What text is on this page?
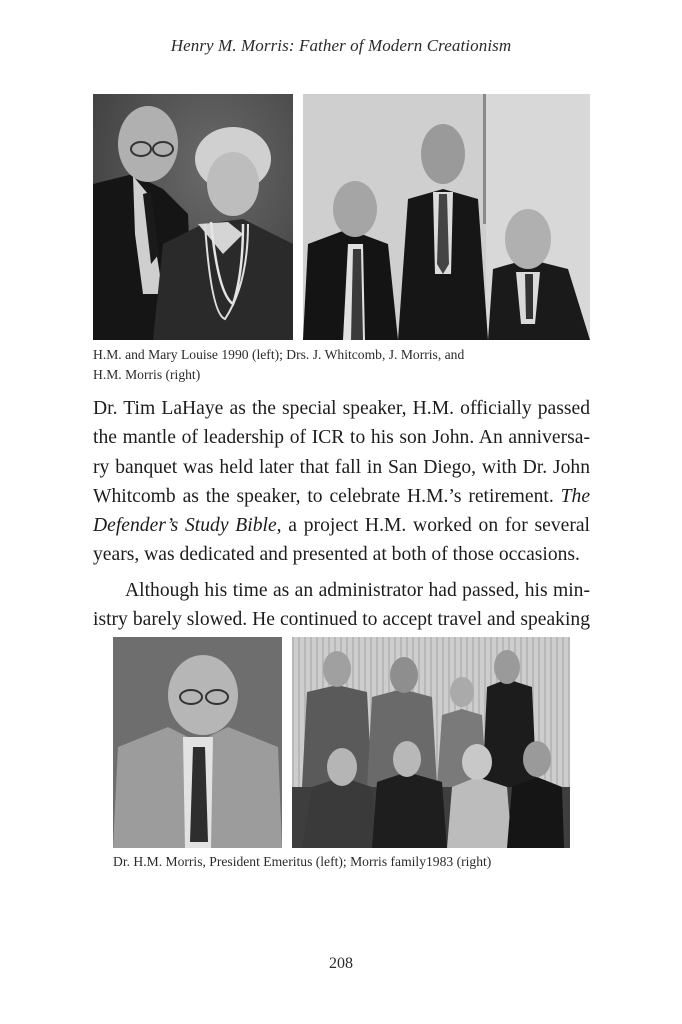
Henry M. Morris: Father of Modern Creationism
H.M. and Mary Louise 1990 (left); Drs. J. Whitcomb, J. Morris, and
H.M. Morris (right)

Dr. Tim LaHaye as the special speaker, H.M. officially passed
the mantle of leadership of ICR to his son John. An anniversa-
ry banquet was held later that fall in San Diego, with Dr. John
Whitcomb as the speaker, to celebrate H.M.’s retirement. The
Defender’s Study Bible, a project H.M. worked on for several
years, was dedicated and presented at both of those occasions.

Although his time as an administrator had passed, his min-
istry barely slowed. He continued to accept travel and speaking

Dr. H.M. Morris, President Emeritus (left); Morris family1983 (right)
208
